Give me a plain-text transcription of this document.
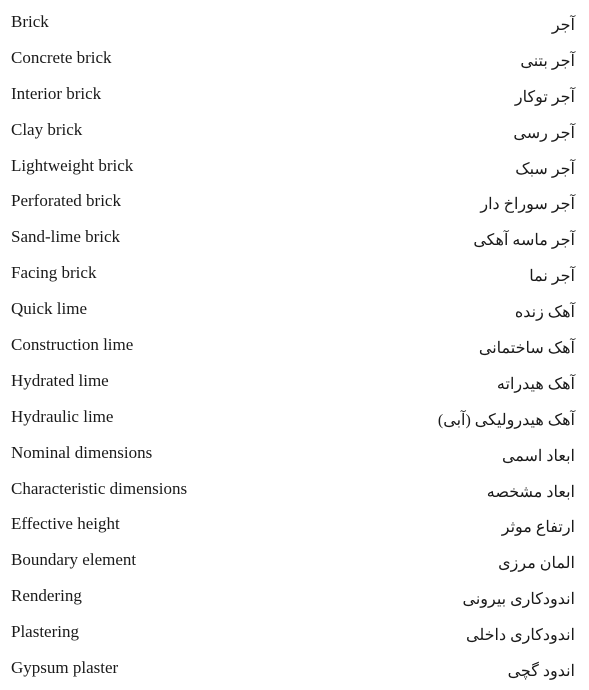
Brick	آجر
Concrete brick	آجر بتنی
Interior brick	آجر توکار
Clay brick	آجر رسی
Lightweight brick	آجر سبک
Perforated brick	آجر سوراخ دار
Sand-lime brick	آجر ماسه آهکی
Facing brick	آجر نما
Quick lime	آهک زنده
Construction lime	آهک ساختمانی
Hydrated lime	آهک هیدراته
Hydraulic lime	آهک هیدرولیکی (آبی)
Nominal dimensions	ابعاد اسمی
Characteristic dimensions	ابعاد مشخصه
Effective height	ارتفاع موثر
Boundary element	المان مرزی
Rendering	اندودکاری بیرونی
Plastering	اندودکاری داخلی
Gypsum plaster	اندود گچی
